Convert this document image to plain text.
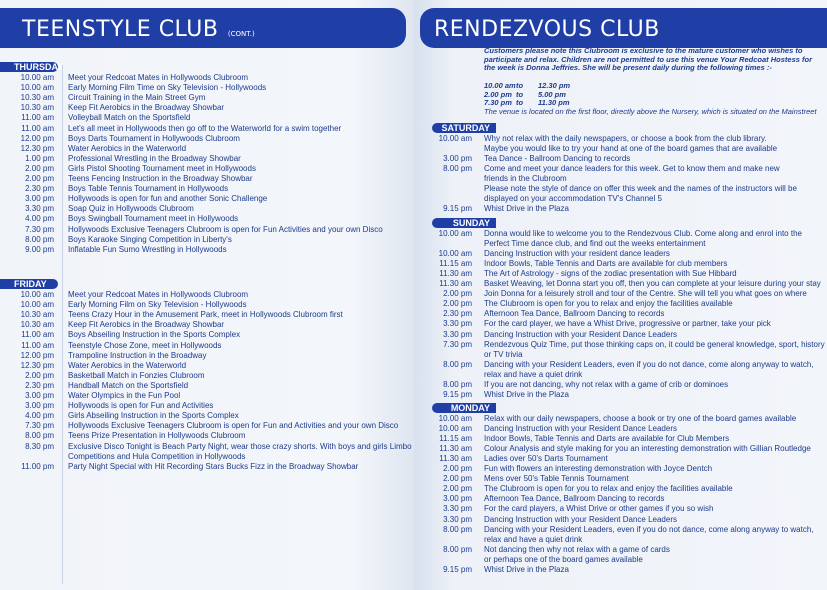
TEENSTYLE CLUB (CONT.)
THURSDAY
10.00 am Meet your Redcoat Mates in Hollywoods Clubroom
10.00 am Early Morning Film Time on Sky Television - Hollywoods
10.30 am Circuit Training in the Main Street Gym
10.30 am Keep Fit Aerobics in the Broadway Showbar
11.00 am Volleyball Match on the Sportsfield
11.00 am Let's all meet in Hollywoods then go off to the Waterworld for a swim together
12.00 pm Boys Darts Tournament in Hollywoods Clubroom
12.30 pm Water Aerobics in the Waterworld
1.00 pm Professional Wrestling in the Broadway Showbar
2.00 pm Girls Pistol Shooting Tournament meet in Hollywoods
2.00 pm Teens Fencing Instruction in the Broadway Showbar
2.30 pm Boys Table Tennis Tournament in Hollywoods
3.00 pm Hollywoods is open for fun and another Sonic Challenge
3.30 pm Soap Quiz in Hollywoods Clubroom
4.00 pm Boys Swingball Tournament meet in Hollywoods
7.30 pm Hollywoods Exclusive Teenagers Clubroom is open for Fun Activities and your own Disco
8.00 pm Boys Karaoke Singing Competition in Liberty's
9.00 pm Inflatable Fun Sumo Wrestling in Hollywoods
FRIDAY
10.00 am Meet your Redcoat Mates in Hollywoods Clubroom
10.00 am Early Morning Film on Sky Television - Hollywoods
10.30 am Teens Crazy Hour in the Amusement Park, meet in Hollywoods Clubroom first
10.30 am Keep Fit Aerobics in the Broadway Showbar
11.00 am Boys Abseiling Instruction in the Sports Complex
11.00 am Teenstyle Chose Zone, meet in Hollywoods
12.00 pm Trampoline Instruction in the Broadway
12.30 pm Water Aerobics in the Waterworld
2.00 pm Basketball Match in Fonzies Clubroom
2.30 pm Handball Match on the Sportsfield
3.00 pm Water Olympics in the Fun Pool
3.00 pm Hollywoods is open for Fun and Activities
4.00 pm Girls Abseiling Instruction in the Sports Complex
7.30 pm Hollywoods Exclusive Teenagers Clubroom is open for Fun and Activities and your own Disco
8.00 pm Teens Prize Presentation in Hollywoods Clubroom
8.30 pm Exclusive Disco Tonight is Beach Party Night, wear those crazy shorts. With boys and girls Limbo
Competitions and Hula Competition in Hollywoods
11.00 pm Party Night Special with Hit Recording Stars Bucks Fizz in the Broadway Showbar
RENDEZVOUS CLUB
Customers please note this Clubroom is exclusive to the mature customer who wishes to participate and relax. Children are not permitted to use this venue Your Redcoat Hostess for the week is Donna Jeffries. She will be present daily during the following times :-
10.00 amto 12.30 pm
2.00 pm to 5.00 pm
7.30 pm to 11.30 pm
The venue is located on the first floor, directly above the Nursery, which is situated on the Mainstreet
SATURDAY
10.00 am Why not relax with the daily newspapers, or choose a book from the club library.
Maybe you would like to try your hand at one of the board games that are available
3.00 pm Tea Dance - Ballroom Dancing to records
8.00 pm Come and meet your dance leaders for this week. Get to know them and make new
friends in the Clubroom
Please note the style of dance on offer this week and the names of the instructors will be
displayed on your accommodation TV's Channel 5
9.15 pm Whist Drive in the Plaza
SUNDAY
10.00 am Donna would like to welcome you to the Rendezvous Club. Come along and enrol into the
Perfect Time dance club, and find out the weeks entertainment
10.00 am Dancing Instruction with your resident dance leaders
11.15 am Indoor Bowls, Table Tennis and Darts are available for club members
11.30 am The Art of Astrology - signs of the zodiac presentation with Sue Hibbard
11.30 am Basket Weaving, let Donna start you off, then you can complete at your leisure during your stay
2.00 pm Join Donna for a leisurely stroll and tour of the Centre. She will tell you what goes on where
2.00 pm The Clubroom is open for you to relax and enjoy the facilities available
2.30 pm Afternoon Tea Dance, Ballroom Dancing to records
3.30 pm For the card player, we have a Whist Drive, progressive or partner, take your pick
3.30 pm Dancing Instruction with your Resident Dance Leaders
7.30 pm Rendezvous Quiz Time, put those thinking caps on, it could be general knowledge, sport, history
or TV trivia
8.00 pm Dancing with your Resident Leaders, even if you do not dance, come along anyway to watch,
relax and have a quiet drink
8.00 pm If you are not dancing, why not relax with a game of crib or dominoes
9.15 pm Whist Drive in the Plaza
MONDAY
10.00 am Relax with our daily newspapers, choose a book or try one of the board games available
10.00 am Dancing Instruction with your Resident Dance Leaders
11.15 am Indoor Bowls, Table Tennis and Darts are available for Club Members
11.30 am Colour Analysis and style making for you an interesting demonstration with Gillian Routledge
11.30 am Ladies over 50's Darts Tournament
2.00 pm Fun with flowers an interesting demonstration with Joyce Dentch
2.00 pm Mens over 50's Table Tennis Tournament
2.00 pm The Clubroom is open for you to relax and enjoy the facilities available
3.00 pm Afternoon Tea Dance, Ballroom Dancing to records
3.30 pm For the card players, a Whist Drive or other games if you so wish
3.30 pm Dancing Instruction with your Resident Dance Leaders
8.00 pm Dancing with your Resident Leaders, even if you do not dance, come along anyway to watch,
relax and have a quiet drink
8.00 pm Not dancing then why not relax with a game of cards
or perhaps one of the board games available
9.15 pm Whist Drive in the Plaza
